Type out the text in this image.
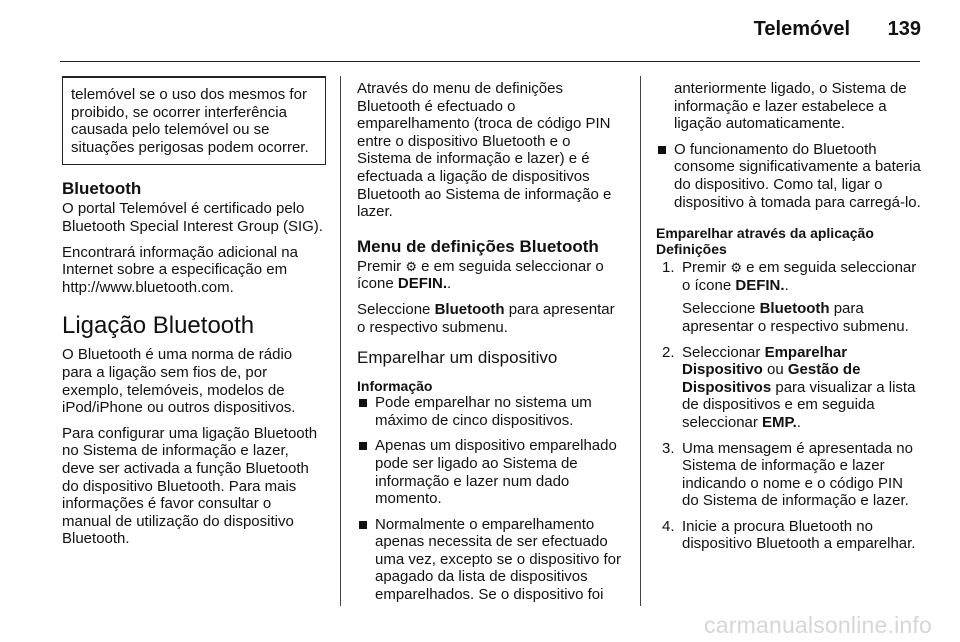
Telemóvel 139
telemóvel se o uso dos mesmos for proibido, se ocorrer interferência causada pelo telemóvel ou se situações perigosas podem ocorrer.
Bluetooth

O portal Telemóvel é certificado pelo Bluetooth Special Interest Group (SIG).

Encontrará informação adicional na Internet sobre a especificação em http://www.bluetooth.com.

Ligação Bluetooth

O Bluetooth é uma norma de rádio para a ligação sem fios de, por exemplo, telemóveis, modelos de iPod/iPhone ou outros dispositivos.

Para configurar uma ligação Bluetooth no Sistema de informação e lazer, deve ser activada a função Bluetooth do dispositivo Bluetooth. Para mais informações é favor consultar o manual de utilização do dispositivo Bluetooth.

Através do menu de definições Bluetooth é efectuado o emparelhamento (troca de código PIN entre o dispositivo Bluetooth e o Sistema de informação e lazer) e é efectuada a ligação de dispositivos Bluetooth ao Sistema de informação e lazer.

Menu de definições Bluetooth

Premir ⚙ e em seguida seleccionar o ícone DEFIN..

Seleccione Bluetooth para apresentar o respectivo submenu.

Emparelhar um dispositivo
Informação
Pode emparelhar no sistema um máximo de cinco dispositivos.
Apenas um dispositivo emparelhado pode ser ligado ao Sistema de informação e lazer num dado momento.
Normalmente o emparelhamento apenas necessita de ser efectuado uma vez, excepto se o dispositivo for apagado da lista de dispositivos emparelhados. Se o dispositivo foi

anteriormente ligado, o Sistema de informação e lazer estabelece a ligação automaticamente.

O funcionamento do Bluetooth consome significativamente a bateria do dispositivo. Como tal, ligar o dispositivo à tomada para carregá-lo.
Emparelhar através da aplicação Definições
1. Premir ⚙ e em seguida seleccionar o ícone DEFIN..

Seleccione Bluetooth para apresentar o respectivo submenu.

2. Seleccionar Emparelhar Dispositivo ou Gestão de Dispositivos para visualizar a lista de dispositivos e em seguida seleccionar EMP..
3. Uma mensagem é apresentada no Sistema de informação e lazer indicando o nome e o código PIN do Sistema de informação e lazer.
4. Inicie a procura Bluetooth no dispositivo Bluetooth a emparelhar.
carmanualsonline.info
